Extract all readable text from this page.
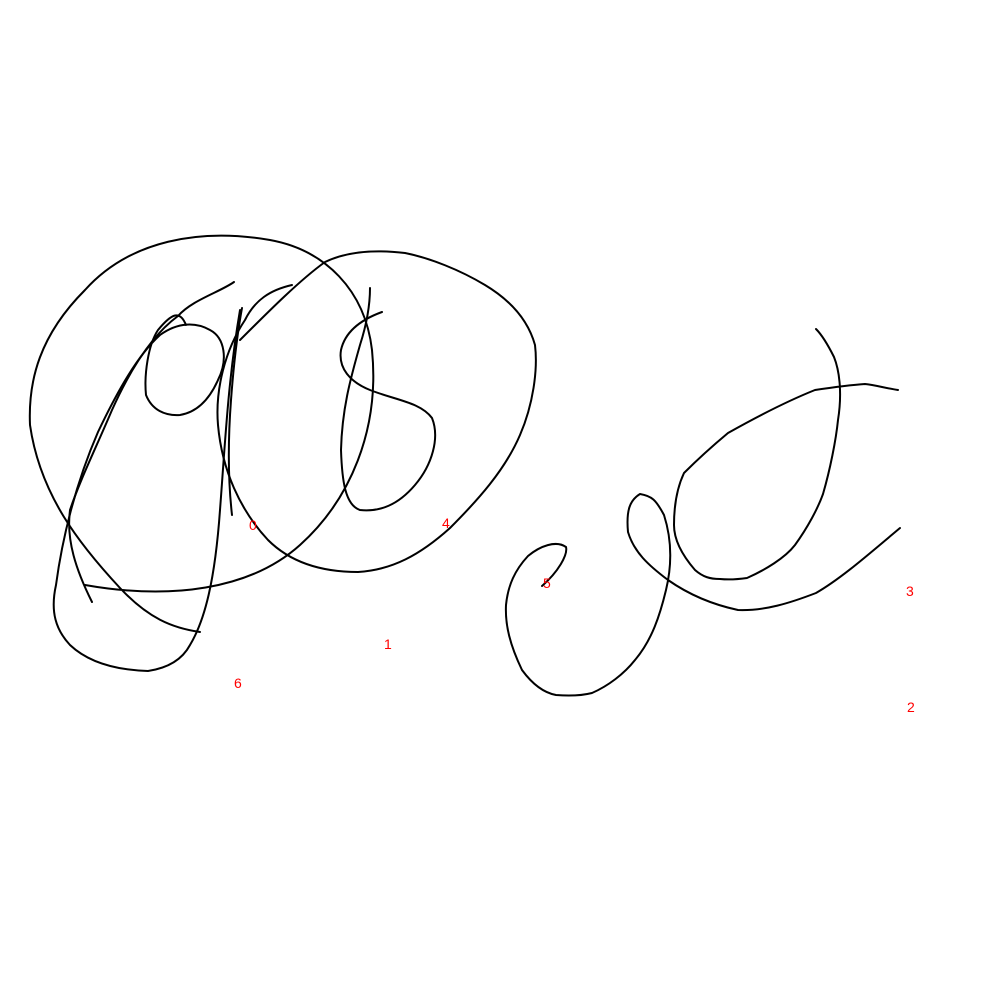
0
1
2
3
4
5
6
